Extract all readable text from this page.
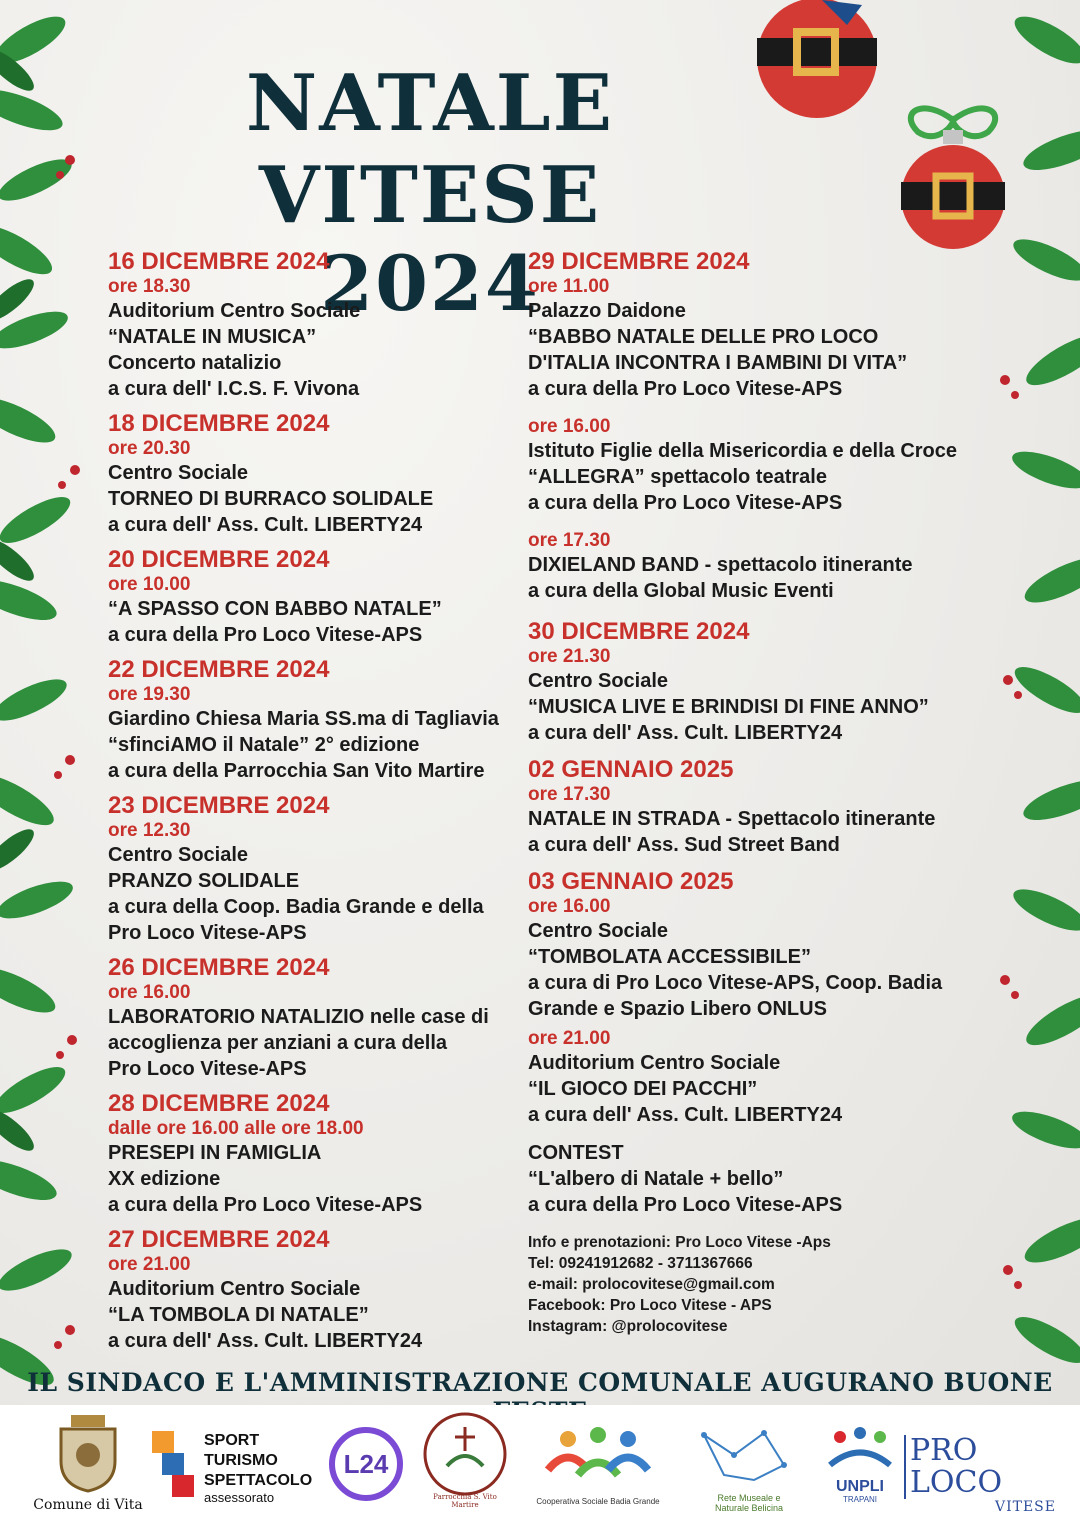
NATALE VITESE
2024
16 DICEMBRE 2024
ore 18.30
Auditorium Centro Sociale
“NATALE IN MUSICA”
Concerto natalizio
a cura dell' I.C.S. F. Vivona
18 DICEMBRE 2024
ore 20.30
Centro Sociale
TORNEO DI BURRACO SOLIDALE
a cura dell' Ass. Cult. LIBERTY24
20 DICEMBRE 2024
ore 10.00
“A SPASSO CON BABBO NATALE”
a cura della Pro Loco Vitese-APS
22 DICEMBRE 2024
ore 19.30
Giardino Chiesa Maria SS.ma di Tagliavia
“sfinciAMO il Natale” 2° edizione
a cura della Parrocchia San Vito Martire
23 DICEMBRE 2024
ore 12.30
Centro Sociale
PRANZO SOLIDALE
a cura della Coop. Badia Grande e della
Pro Loco Vitese-APS
26 DICEMBRE 2024
ore 16.00
LABORATORIO NATALIZIO nelle case di
accoglienza per anziani a cura della
Pro Loco Vitese-APS
28 DICEMBRE 2024
dalle ore 16.00 alle ore 18.00
PRESEPI IN FAMIGLIA
XX edizione
a cura della Pro Loco Vitese-APS
27 DICEMBRE 2024
ore 21.00
Auditorium Centro Sociale
“LA TOMBOLA DI NATALE”
a cura dell' Ass. Cult. LIBERTY24
29 DICEMBRE 2024
ore 11.00
Palazzo Daidone
“BABBO NATALE DELLE PRO LOCO
D'ITALIA INCONTRA I BAMBINI DI VITA”
a cura della Pro Loco Vitese-APS
ore 16.00
Istituto Figlie della Misericordia e della Croce
“ALLEGRA” spettacolo teatrale
a cura della Pro Loco Vitese-APS
ore 17.30
DIXIELAND BAND - spettacolo itinerante
a cura della Global Music Eventi
30 DICEMBRE 2024
ore 21.30
Centro Sociale
“MUSICA LIVE E BRINDISI DI FINE ANNO”
a cura dell' Ass. Cult. LIBERTY24
02 GENNAIO 2025
ore 17.30
NATALE IN STRADA - Spettacolo itinerante
a cura dell' Ass. Sud Street Band
03 GENNAIO 2025
ore 16.00
Centro Sociale
“TOMBOLATA ACCESSIBILE”
a cura di Pro Loco Vitese-APS, Coop. Badia
Grande e Spazio Libero ONLUS
ore 21.00
Auditorium Centro Sociale
“IL GIOCO DEI PACCHI”
a cura dell' Ass. Cult. LIBERTY24
CONTEST
“L'albero di Natale + bello”
a cura della Pro Loco Vitese-APS
Info e prenotazioni: Pro Loco Vitese -Aps
Tel: 09241912682 - 3711367666
e-mail: prolocovitese@gmail.com
Facebook: Pro Loco Vitese - APS
Instagram: @prolocovitese
IL SINDACO E L'AMMINISTRAZIONE COMUNALE AUGURANO BUONE
Comune di Vita
SPORT
TURISMO
SPETTACOLO
assessorato
L24
Parrocchia S. Vito Martire	Cooperativa Sociale Badia Grande	Rete Museale e
Naturale Belicina
UNPLI
TRAPANI
PRO LOCO
VITESE
